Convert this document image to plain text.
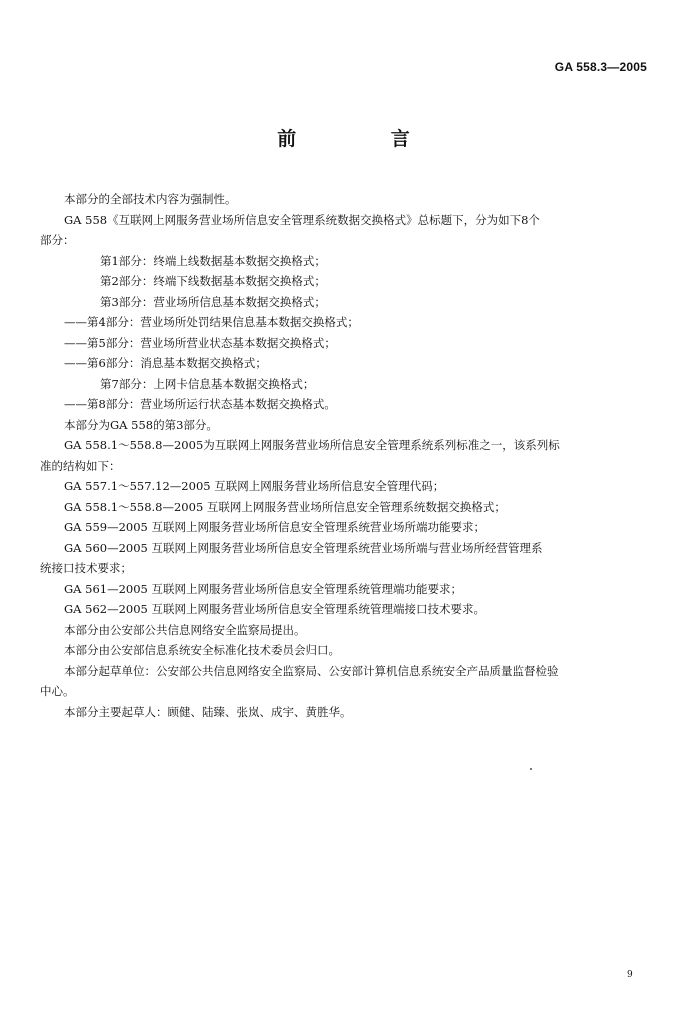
GA 558.3—2005
前 言
本部分的全部技术内容为强制性。
GA 558《互联网上网服务营业场所信息安全管理系统数据交换格式》总标题下，分为如下8个
部分：
第1部分：终端上线数据基本数据交换格式；
第2部分：终端下线数据基本数据交换格式；
第3部分：营业场所信息基本数据交换格式；
——第4部分：营业场所处罚结果信息基本数据交换格式；
——第5部分：营业场所营业状态基本数据交换格式；
——第6部分：消息基本数据交换格式；
第7部分：上网卡信息基本数据交换格式；
——第8部分：营业场所运行状态基本数据交换格式。
本部分为GA 558的第3部分。
GA 558.1～558.8—2005为互联网上网服务营业场所信息安全管理系统系列标准之一，该系列标
准的结构如下：
GA 557.1～557.12—2005 互联网上网服务营业场所信息安全管理代码；
GA 558.1～558.8—2005 互联网上网服务营业场所信息安全管理系统数据交换格式；
GA 559—2005 互联网上网服务营业场所信息安全管理系统营业场所端功能要求；
GA 560—2005 互联网上网服务营业场所信息安全管理系统营业场所端与营业场所经营管理系
统接口技术要求；
GA 561—2005 互联网上网服务营业场所信息安全管理系统管理端功能要求；
GA 562—2005 互联网上网服务营业场所信息安全管理系统管理端接口技术要求。
本部分由公安部公共信息网络安全监察局提出。
本部分由公安部信息系统安全标准化技术委员会归口。
本部分起草单位：公安部公共信息网络安全监察局、公安部计算机信息系统安全产品质量监督检验
中心。
本部分主要起草人：顾健、陆臻、张岚、成宇、黄胜华。
9
